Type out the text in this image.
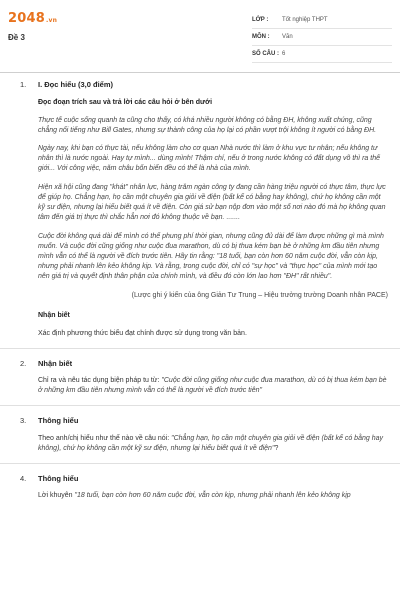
2048.vn
Đề 3
LỚP :	Tốt nghiệp THPT
MÔN :	Văn
SỐ CÂU : 6
1. I. Đọc hiểu (3,0 điểm)
Đọc đoạn trích sau và trả lời các câu hỏi ở bên dưới

Thực tế cuộc sống quanh ta cũng cho thấy, có khá nhiều người không có bằng ĐH, không xuất chúng, cũng chẳng nổi tiếng như Bill Gates, nhưng sự thành công của họ lại có phần vượt trội không ít người có bằng ĐH.

Ngày nay, khi bạn có thực tài, nếu không làm cho cơ quan Nhà nước thì làm ở khu vực tư nhân; nếu không tư nhân thì là nước ngoài. Hay tự mình... dùng mình! Thậm chí, nếu ở trong nước không có đất dụng võ thì ra thế giới... Với công việc, năm châu bốn biển đều có thể là nhà của mình.

Hiện xã hội cũng đang "khát" nhân lực, hàng trăm ngàn công ty đang cần hàng triệu người có thực tâm, thực lực để giúp họ. Chẳng hạn, họ cần một chuyên gia giỏi về điện (bất kể có bằng hay không), chứ họ không cần một kỹ sư điện, nhưng lại hiểu biết quá ít về điện. Còn giá sử bạn nộp đơn vào một số nơi nào đó mà họ không quan tâm đến giá trị thực thì chắc hẳn nơi đó không thuộc về bạn. .......

Cuộc đời không quá dài để mình có thể phung phí thời gian, nhưng cũng đủ dài để làm được những gì mà mình muốn. Và cuộc đời cũng giống như cuộc đua marathon, dù có bị thua kém bạn bè ở những km đầu tiên nhưng mình vẫn có thể là người về đích trước tiên. Hãy tin rằng: "18 tuổi, bạn còn hơn 60 năm cuộc đời, vẫn còn kịp, nhưng phải nhanh lên kẻo không kịp. Và rằng, trong cuộc đời, chỉ có "sự học" và "thực học" của mình mới tạo nên giá trị và quyết định thân phận của chính mình, và điều đó còn lớn lao hơn "ĐH" rất nhiều".

(Lược ghi ý kiến của ông Giản Tư Trung – Hiệu trưởng trường Doanh nhân PACE)
Nhận biết

Xác định phương thức biểu đạt chính được sử dụng trong văn bản.

2. Nhận biết

Chỉ ra và nêu tác dụng biện pháp tu từ: "Cuộc đời cũng giống như cuộc đua marathon, dù có bị thua kém bạn bè ở những km đầu tiên nhưng mình vẫn có thể là người về đích trước tiên"

3. Thông hiểu

Theo anh/chị hiểu như thế nào về câu nói: "Chẳng hạn, họ cần một chuyên gia giỏi về điện (bất kể có bằng hay không), chứ họ không cần một kỹ sư điện, nhưng lại hiểu biết quá ít về điện"?

4. Thông hiểu

Lời khuyên "18 tuổi, bạn còn hơn 60 năm cuộc đời, vẫn còn kịp, nhưng phải nhanh lên kẻo không kịp
